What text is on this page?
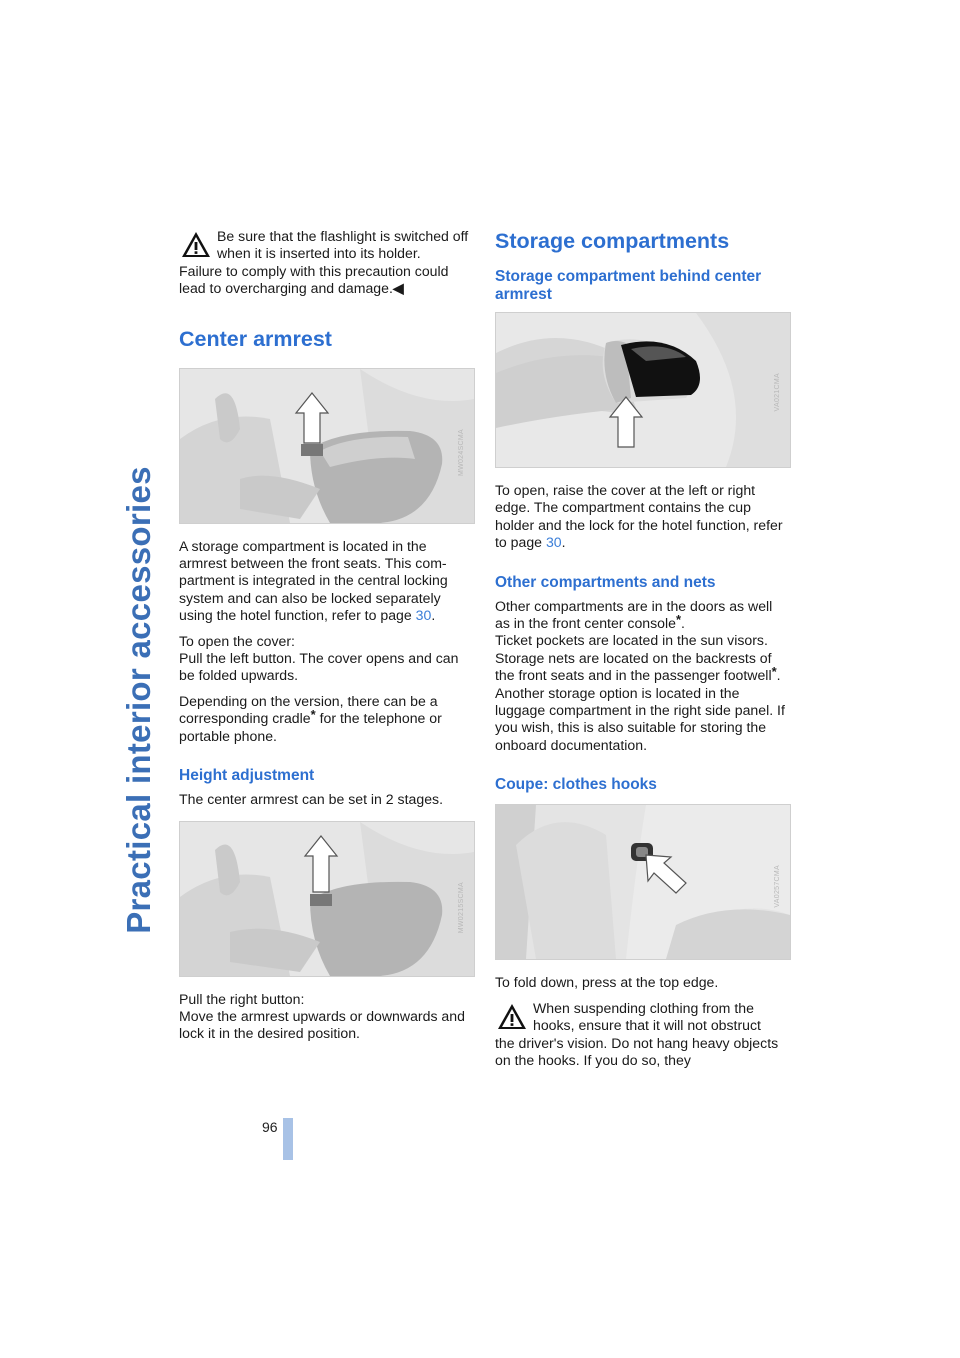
Practical interior accessories
96

Be sure that the flashlight is switched off when it is inserted into its holder.

Failure to comply with this precaution could lead to overcharging and damage.◀

Center armrest
MW024SCMA

A storage compartment is located in the armrest between the front seats. This com-partment is integrated in the central locking system and can also be locked separately using the hotel function, refer to page 30.

To open the cover:
Pull the left button. The cover opens and can be folded upwards.

Depending on the version, there can be a corresponding cradle* for the telephone or portable phone.

Height adjustment

The center armrest can be set in 2 stages.

MW0215SCMA

Pull the right button:
Move the armrest upwards or downwards and lock it in the desired position.

Storage compartments
Storage compartment behind center armrest
VA021CMA

To open, raise the cover at the left or right edge. The compartment contains the cup holder and the lock for the hotel function, refer to page 30.

Other compartments and nets

Other compartments are in the doors as well as in the front center console*.
Ticket pockets are located in the sun visors.
Storage nets are located on the backrests of the front seats and in the passenger footwell*.
Another storage option is located in the luggage compartment in the right side panel. If you wish, this is also suitable for storing the onboard documentation.

Coupe: clothes hooks
VA0257CMA

To fold down, press at the top edge.

When suspending clothing from the hooks, ensure that it will not obstruct

the driver's vision. Do not hang heavy objects on the hooks. If you do so, they
